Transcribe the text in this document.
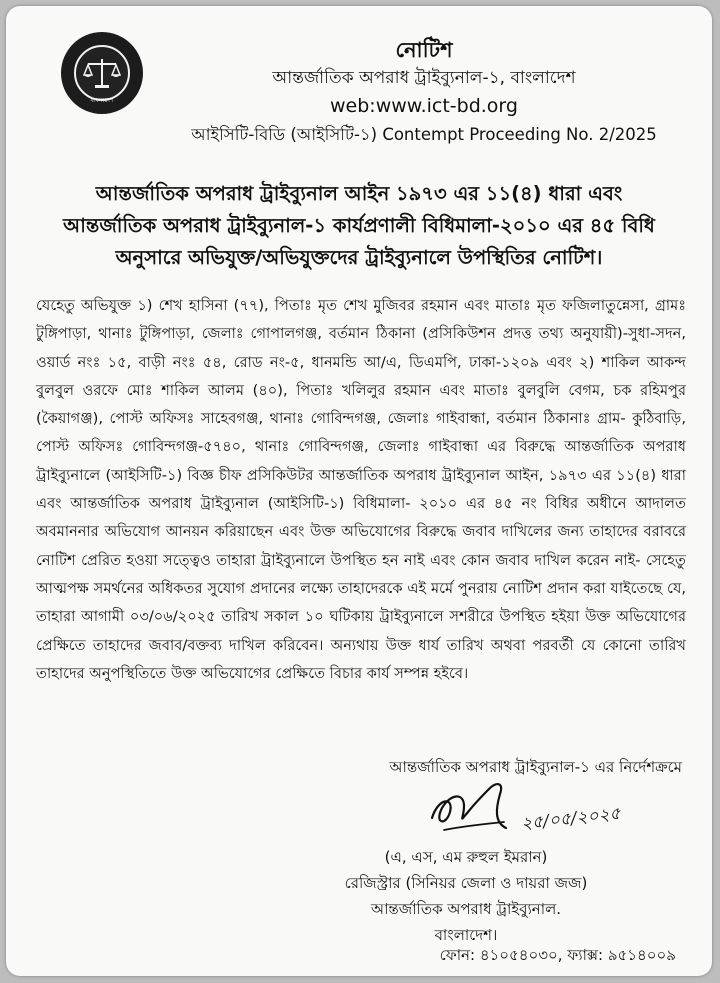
বাংলাদেশ
নোটিশ
আন্তর্জাতিক অপরাধ ট্রাইব্যুনাল-১, বাংলাদেশ
web:www.ict-bd.org
আইসিটি-বিডি (আইসিটি-১) Contempt Proceeding No. 2/2025
আন্তর্জাতিক অপরাধ ট্রাইব্যুনাল আইন ১৯৭৩ এর ১১(৪) ধারা এবং
আন্তর্জাতিক অপরাধ ট্রাইব্যুনাল-১ কার্যপ্রণালী বিধিমালা-২০১০ এর ৪৫ বিধি
অনুসারে অভিযুক্ত/অভিযুক্তদের ট্রাইব্যুনালে উপস্থিতির নোটিশ।
যেহেতু অভিযুক্ত ১) শেখ হাসিনা (৭৭), পিতাঃ মৃত শেখ মুজিবর রহমান এবং মাতাঃ মৃত ফজিলাতুন্নেসা, গ্রামঃ টুঙ্গিপাড়া, থানাঃ টুঙ্গিপাড়া, জেলাঃ গোপালগঞ্জ, বর্তমান ঠিকানা (প্রসিকিউশন প্রদত্ত তথ্য অনুযায়ী)-সুধা-সদন, ওয়ার্ড নংঃ ১৫, বাড়ী নংঃ ৫৪, রোড নং-৫, ধানমন্ডি আ/এ, ডিএমপি, ঢাকা-১২০৯ এবং ২) শাকিল আকন্দ বুলবুল ওরফে মোঃ শাকিল আলম (৪০), পিতাঃ খলিলুর রহমান এবং মাতাঃ বুলবুলি বেগম, চক রহিমপুর (কৈয়াগঞ্জ), পোস্ট অফিসঃ সাহেবগঞ্জ, থানাঃ গোবিন্দগঞ্জ, জেলাঃ গাইবান্ধা, বর্তমান ঠিকানাঃ গ্রাম- কুঠিবাড়ি, পোস্ট অফিসঃ গোবিন্দগঞ্জ-৫৭৪০, থানাঃ গোবিন্দগঞ্জ, জেলাঃ গাইবান্ধা এর বিরুদ্ধে আন্তর্জাতিক অপরাধ ট্রাইব্যুনালে (আইসিটি-১) বিজ্ঞ চীফ প্রসিকিউটর আন্তর্জাতিক অপরাধ ট্রাইব্যুনাল আইন, ১৯৭৩ এর ১১(৪) ধারা এবং আন্তর্জাতিক অপরাধ ট্রাইব্যুনাল (আইসিটি-১) বিধিমালা- ২০১০ এর ৪৫ নং বিধির অধীনে আদালত অবমাননার অভিযোগ আনয়ন করিয়াছেন এবং উক্ত অভিযোগের বিরুদ্ধে জবাব দাখিলের জন্য তাহাদের বরাবরে নোটিশ প্রেরিত হওয়া সত্ত্বেও তাহারা ট্রাইব্যুনালে উপস্থিত হন নাই এবং কোন জবাব দাখিল করেন নাই- সেহেতু আত্মপক্ষ সমর্থনের অধিকতর সুযোগ প্রদানের লক্ষ্যে তাহাদেরকে এই মর্মে পুনরায় নোটিশ প্রদান করা যাইতেছে যে, তাহারা আগামী ০৩/০৬/২০২৫ তারিখ সকাল ১০ ঘটিকায় ট্রাইব্যুনালে সশরীরে উপস্থিত হইয়া উক্ত অভিযোগের প্রেক্ষিতে তাহাদের জবাব/বক্তব্য দাখিল করিবেন। অন্যথায় উক্ত ধার্য তারিখ অথবা পরবর্তী যে কোনো তারিখ তাহাদের অনুপস্থিতিতে উক্ত অভিযোগের প্রেক্ষিতে বিচার কার্য সম্পন্ন হইবে।
আন্তর্জাতিক অপরাধ ট্রাইব্যুনাল-১ এর নির্দেশক্রমে
২৫/০৫/২০২৫
(এ, এস, এম রুহুল ইমরান)
রেজিস্ট্রার (সিনিয়র জেলা ও দায়রা জজ)
আন্তর্জাতিক অপরাধ ট্রাইব্যুনাল.
বাংলাদেশ।
ফোন: ৪১০৫৪০৩০, ফ্যাক্স: ৯৫১৪০০৯
